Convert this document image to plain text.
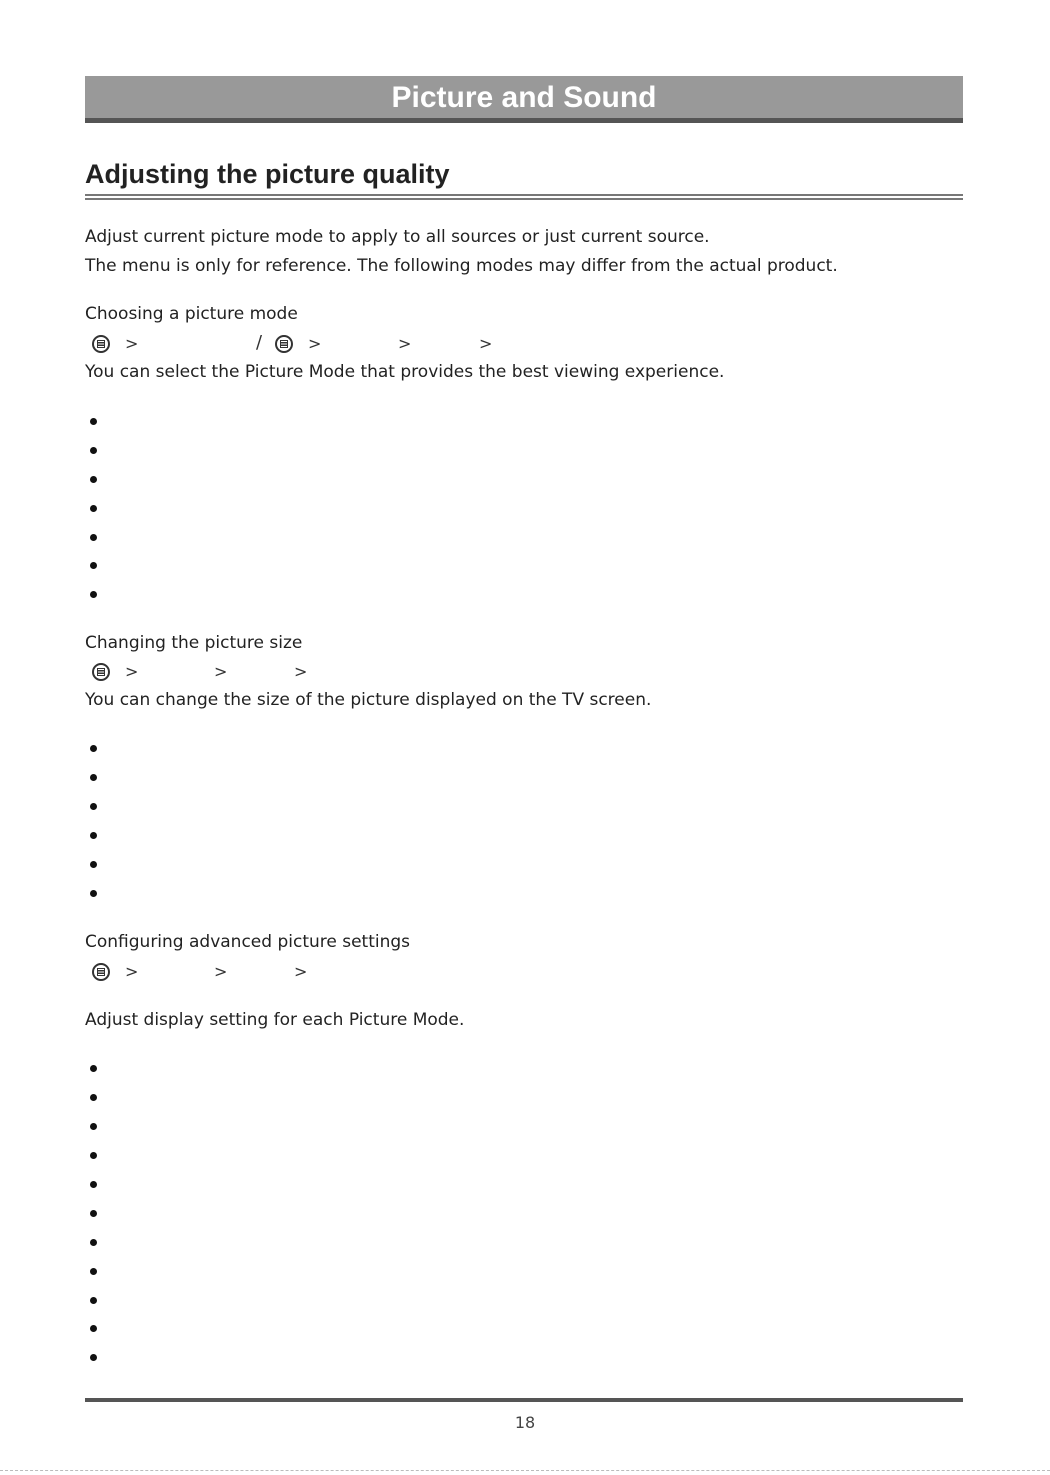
Picture and Sound
Adjusting the picture quality
Adjust current picture mode to apply to all sources or just current source.
The menu is only for reference. The following modes may differ from the actual product.
Choosing a picture mode
>	/	>	>	>
You can select the Picture Mode that provides the best viewing experience.
Changing the picture size
>	>	>
You can change the size of the picture displayed on the TV screen.
Configuring advanced picture settings
>	>	>
Adjust display setting for each Picture Mode.
18
